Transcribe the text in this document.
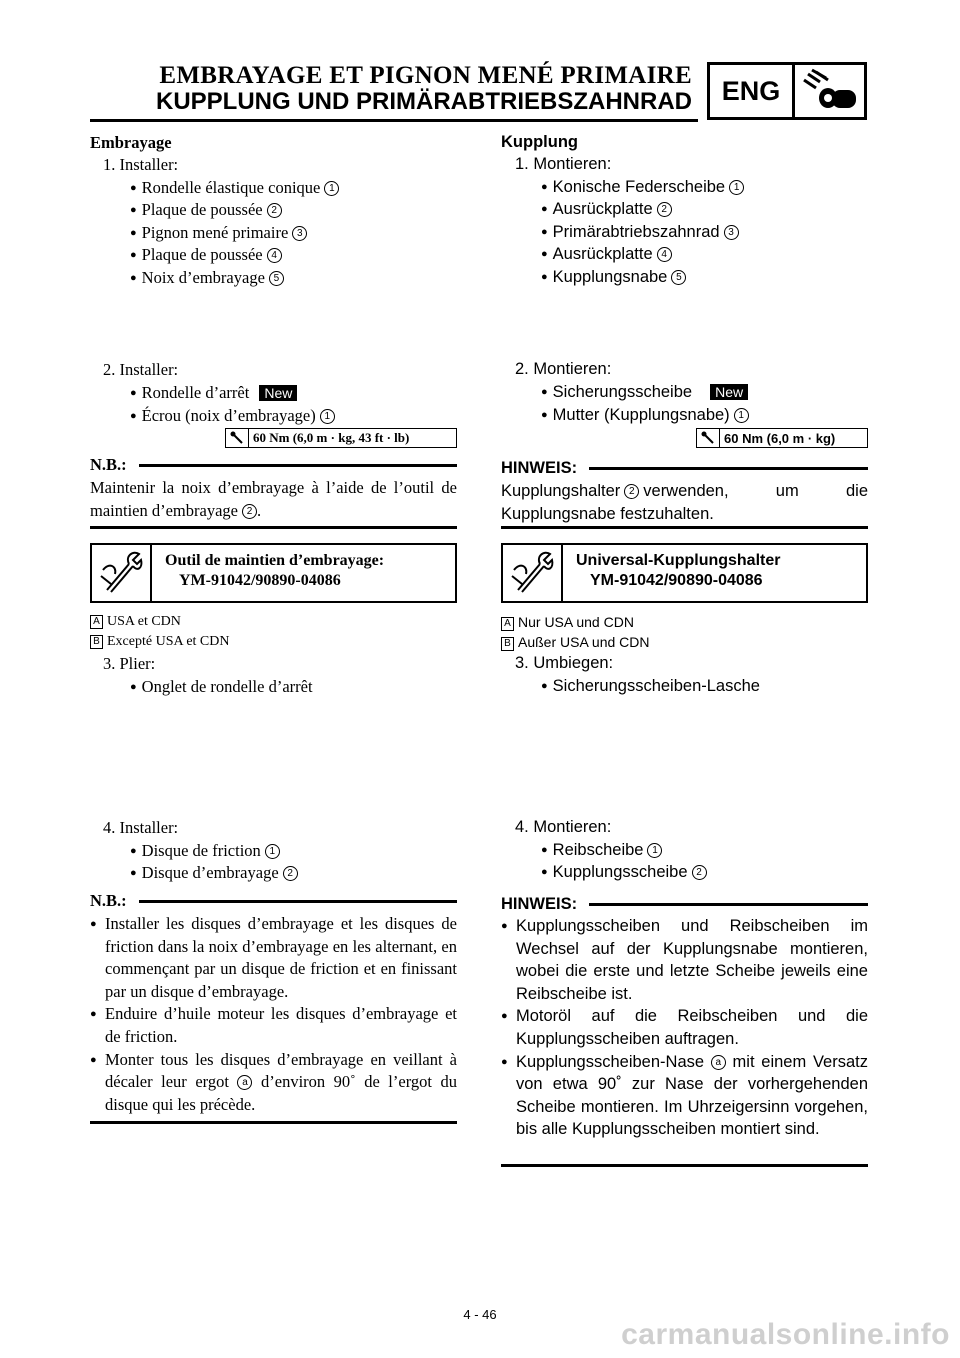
EMBRAYAGE ET PIGNON MENÉ PRIMAIRE
KUPPLUNG UND PRIMÄRABTRIEBSZAHNRAD	ENG
Embrayage
1. Installer:
● Rondelle élastique conique 1
● Plaque de poussée 2
● Pignon mené primaire 3
● Plaque de poussée 4
● Noix d’embrayage 5
2. Installer:
● Rondelle d’arrêt New
● Écrou (noix d’embrayage) 1
60 Nm (6,0 m · kg, 43 ft · lb)
N.B.:
Maintenir la noix d’embrayage à l’aide de l’outil de maintien d’embrayage 2 .
Outil de maintien d’embrayage:
YM-91042/90890-04086
A USA et CDN
B Excepté USA et CDN
3. Plier:
● Onglet de rondelle d’arrêt
4. Installer:
● Disque de friction 1
● Disque d’embrayage 2
N.B.:
● Installer les disques d’embrayage et les disques de friction dans la noix d’embrayage en les alternant, en commençant par un disque de friction et en finissant par un disque d’embrayage.
● Enduire d’huile moteur les disques d’embrayage et de friction.
● Monter tous les disques d’embrayage en veillant à décaler leur ergot a d’environ 90˚ de l’ergot du disque qui les précède.
Kupplung
1. Montieren:
● Konische Federscheibe 1
● Ausrückplatte 2
● Primärabtriebszahnrad 3
● Ausrückplatte 4
● Kupplungsnabe 5
2. Montieren:
● Sicherungsscheibe New
● Mutter (Kupplungsnabe) 1
60 Nm (6,0 m · kg)
HINWEIS:
Kupplungshalter 2 verwenden, um die Kupplungsnabe festzuhalten.
Universal-Kupplungshalter
YM-91042/90890-04086
A Nur USA und CDN
B Außer USA und CDN
3. Umbiegen:
● Sicherungsscheiben-Lasche
4. Montieren:
● Reibscheibe 1
● Kupplungsscheibe 2
HINWEIS:
● Kupplungsscheiben und Reibscheiben im Wechsel auf der Kupplungsnabe montieren, wobei die erste und letzte Scheibe jeweils eine Reibscheibe ist.
● Motoröl auf die Reibscheiben und die Kupplungsscheiben auftragen.
● Kupplungsscheiben-Nase a mit einem Versatz von etwa 90˚ zur Nase der vorhergehenden Scheibe montieren. Im Uhrzeigersinn vorgehen, bis alle Kupplungsscheiben montiert sind.
4 - 46
carmanualsonline.info
